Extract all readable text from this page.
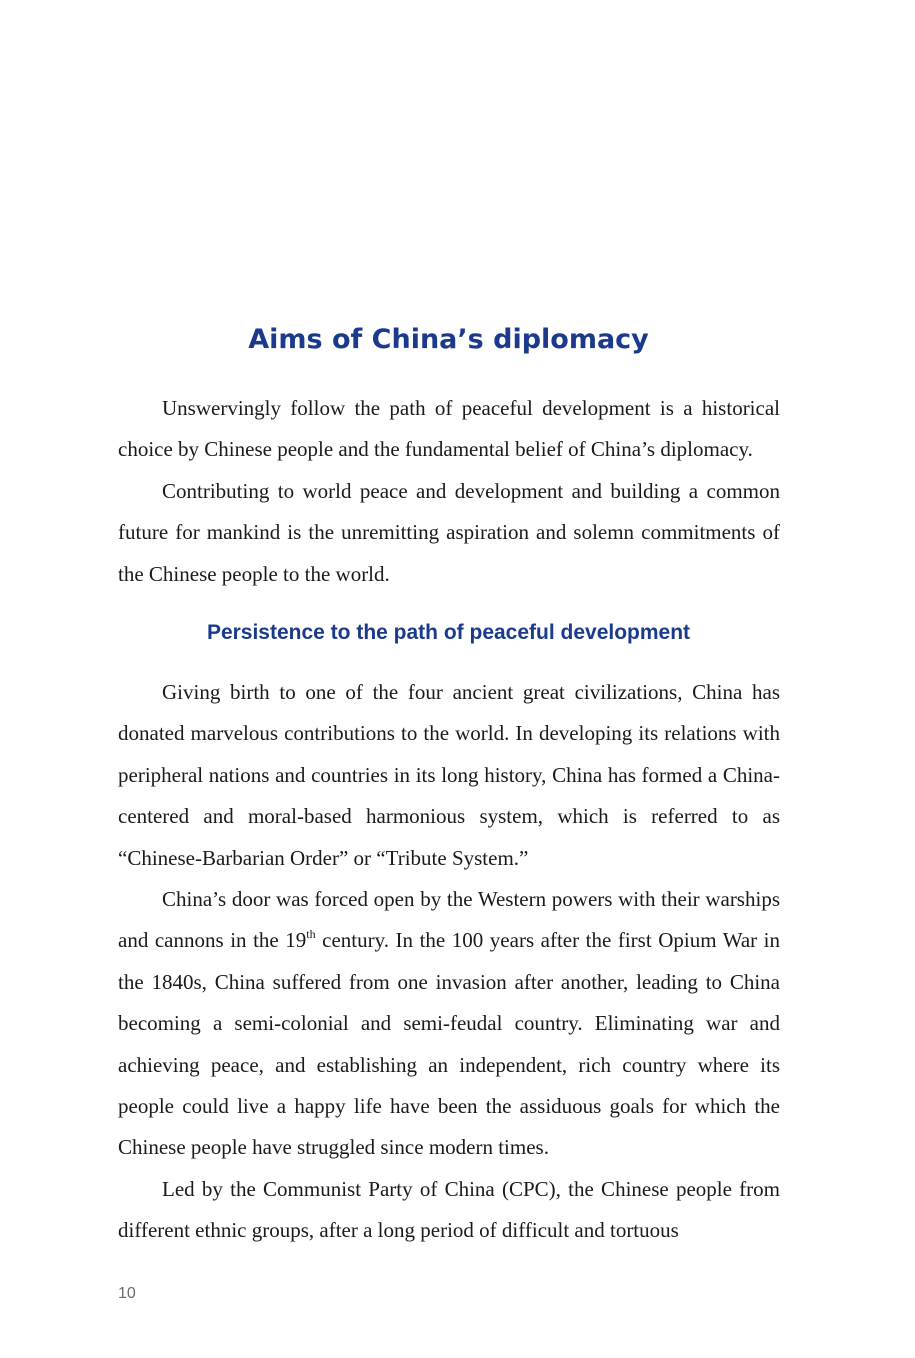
Aims of China’s diplomacy

Unswervingly follow the path of peaceful development is a historical choice by Chinese people and the fundamental belief of China’s diplomacy.

Contributing to world peace and development and building a common future for mankind is the unremitting aspiration and solemn commitments of the Chinese people to the world.

Persistence to the path of peaceful development

Giving birth to one of the four ancient great civilizations, China has donated marvelous contributions to the world. In developing its relations with peripheral nations and countries in its long history, China has formed a China-centered and moral-based harmonious system, which is referred to as “Chinese-Barbarian Order” or “Tribute System.”

China’s door was forced open by the Western powers with their warships and cannons in the 19th century. In the 100 years after the first Opium War in the 1840s, China suffered from one invasion after another, leading to China becoming a semi-colonial and semi-feudal country. Eliminating war and achieving peace, and establishing an independent, rich country where its people could live a happy life have been the assiduous goals for which the Chinese people have struggled since modern times.

Led by the Communist Party of China (CPC), the Chinese people from different ethnic groups, after a long period of difficult and tortuous

10
